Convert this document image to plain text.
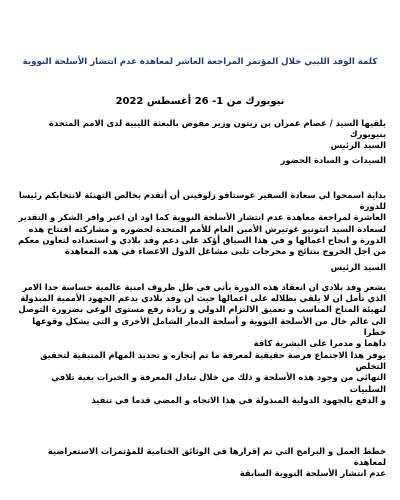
كلمة الوفد الليبي خلال المؤتمر المراجعة العاشر لمعاهدة عدم انتشار الأسلحة النووية
نيويورك من 1- 26 أغسطس 2022
يلقيها السيد / عصام عمران بن زيتون وزير مفوض بالبعثة الليبية لدى الامم المتحدة
بنيويورك
السيد الرئيس
السيدات و السادة الحضور
بداية اسمحوا لي سعادة السفير غوستافو زلوفينن أن أتقدم بخالص التهنئة لانتخابكم رئيسا للدورة
العاشرة لمراجعة معاهدة عدم انتشار الأسلحة النووية كما اود ان اعبر وافر الشكر و التقدير
لسعادة السيد انتونيو غوتيرش الأمين العام للأمم المتحدة لحضوره و مشاركته افتتاح هذه
الدورة و انجاح اعمالها و في هذا السياق أؤكد على دعم وفد بلادي و استعداده لتعاون معكم
من اجل الخروج بنتائج و مخرجات تلبى مشاغل الدول الاعضاء في هذه المعاهدة
السيد الرئيس
يشعر وفد بلادي ان انعقاد هذه الدورة يأتي في ظل ظروف امنية عالمية حساسة جدا الامر
الذي تأمل ان لا يلقي بظلاله على اعمالها حيث ان وفد بلادي يدعم الجهود الأممية المبذولة
لتهيئة المناخ المناسب و تعميق الالتزام الدولي و زيادة رفع مستوى الوعي بضرورة التوصل
الى عالم خال من الأسلحة النووية و أسلحة الدمار الشامل الأخرى و التي يشكل وقوعها خطرا
داهما و مدمرا على البشرية كافة
يوفر هذا الاجتماع فرصة حقيقية لمعرفة ما تم إنجازه و تحديد المهام المتبقية لتحقيق التخلص
النهائي من وجود هذه الأسلحة و ذلك من خلال تبادل المعرفة و الخبرات بغية تلافي السلبيات
و الدفع بالجهود الدولية المبذولة في هذا الاتجاه و المضي قدما في تنفيذ
خطط العمل و البرامج التي تم إقرارها في الوثائق الختامية للمؤتمرات الاستعراضية لمعاهدة
عدم انتشار الأسلحة النووية السابقة
